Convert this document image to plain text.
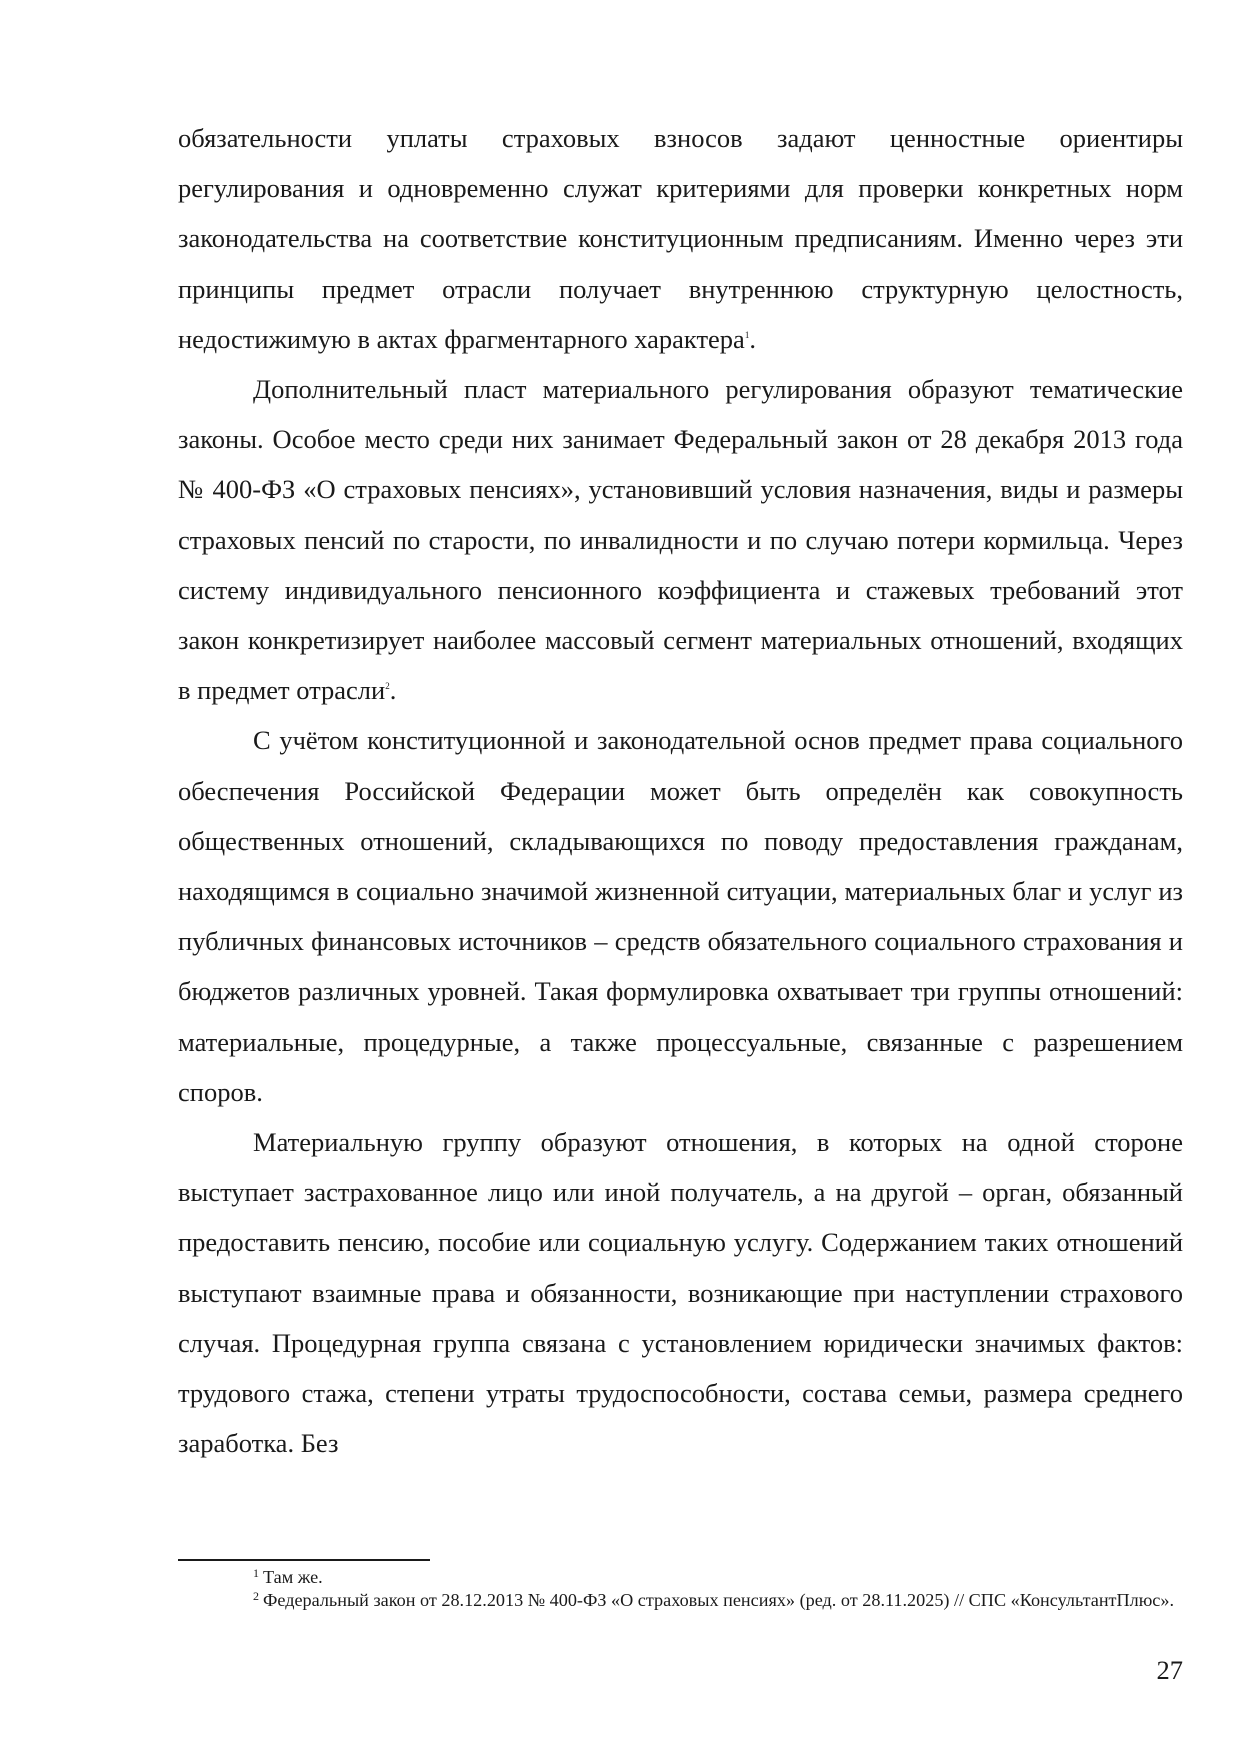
обязательности уплаты страховых взносов задают ценностные ориентиры регулирования и одновременно служат критериями для проверки конкретных норм законодательства на соответствие конституционным предписаниям. Именно через эти принципы предмет отрасли получает внутреннюю структурную целостность, недостижимую в актах фрагментарного характера$^1$.

Дополнительный пласт материального регулирования образуют тематические законы. Особое место среди них занимает Федеральный закон от 28 декабря 2013 года № 400-ФЗ «О страховых пенсиях», установивший условия назначения, виды и размеры страховых пенсий по старости, по инвалидности и по случаю потери кормильца. Через систему индивидуального пенсионного коэффициента и стажевых требований этот закон конкретизирует наиболее массовый сегмент материальных отношений, входящих в предмет отрасли$^2$.

С учётом конституционной и законодательной основ предмет права социального обеспечения Российской Федерации может быть определён как совокупность общественных отношений, складывающихся по поводу предоставления гражданам, находящимся в социально значимой жизненной ситуации, материальных благ и услуг из публичных финансовых источников – средств обязательного социального страхования и бюджетов различных уровней. Такая формулировка охватывает три группы отношений: материальные, процедурные, а также процессуальные, связанные с разрешением споров.

Материальную группу образуют отношения, в которых на одной стороне выступает застрахованное лицо или иной получатель, а на другой – орган, обязанный предоставить пенсию, пособие или социальную услугу. Содержанием таких отношений выступают взаимные права и обязанности, возникающие при наступлении страхового случая. Процедурная группа связана с установлением юридически значимых фактов: трудового стажа, степени утраты трудоспособности, состава семьи, размера среднего заработка. Без

$^1$ Там же.

$^2$ Федеральный закон от 28.12.2013 № 400-ФЗ «О страховых пенсиях» (ред. от 28.11.2025) // СПС «КонсультантПлюс».

27
